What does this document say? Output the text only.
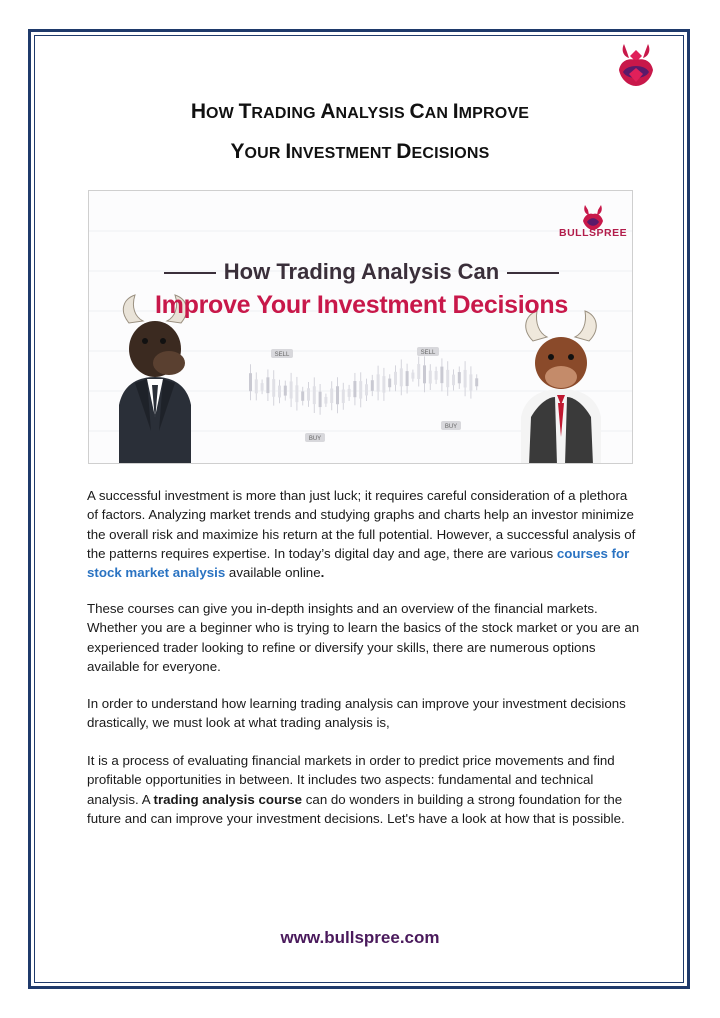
HOW TRADING ANALYSIS CAN IMPROVE
YOUR INVESTMENT DECISIONS
SELL	SELL
BUY
BUY
BULLSPREE
How Trading Analysis Can
Improve Your Investment Decisions
A successful investment is more than just luck; it requires careful consideration of a plethora of factors. Analyzing market trends and studying graphs and charts help an investor minimize the overall risk and maximize his return at the full potential. However, a successful analysis of the patterns requires expertise. In today’s digital day and age, there are various courses for stock market analysis available online.
These courses can give you in-depth insights and an overview of the financial markets. Whether you are a beginner who is trying to learn the basics of the stock market or you are an experienced trader looking to refine or diversify your skills, there are numerous options available for everyone.
In order to understand how learning trading analysis can improve your investment decisions drastically, we must look at what trading analysis is,
It is a process of evaluating financial markets in order to predict price movements and find profitable opportunities in between. It includes two aspects: fundamental and technical analysis. A trading analysis course can do wonders in building a strong foundation for the future and can improve your investment decisions. Let's have a look at how that is possible.
www.bullspree.com
